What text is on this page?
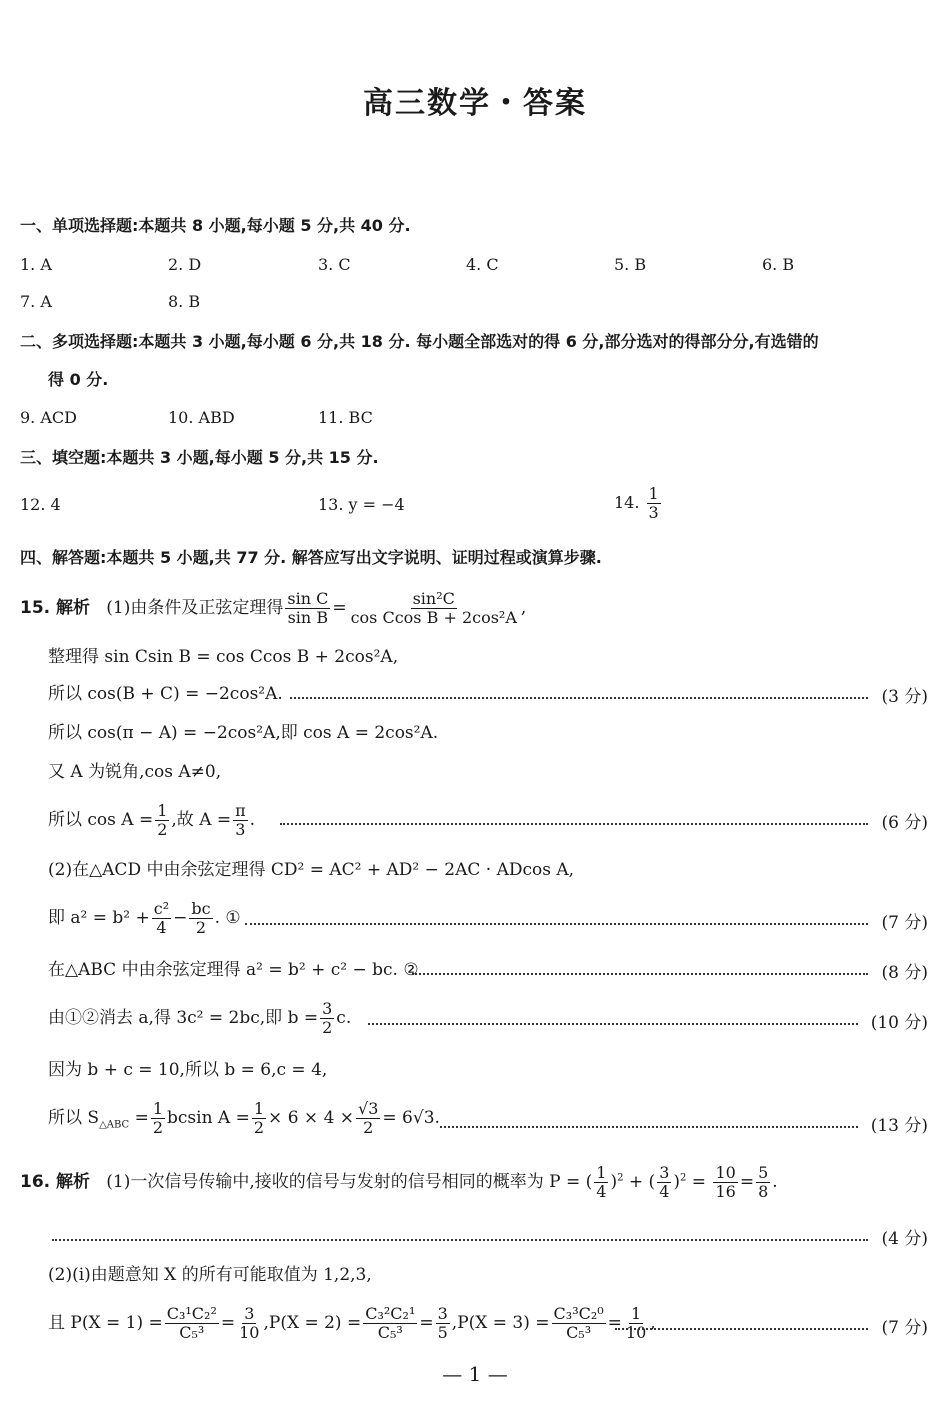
高三数学・答案
一、单项选择题:本题共 8 小题,每小题 5 分,共 40 分.
1. A	2. D	3. C	4. C	5. B	6. B
7. A	8. B
二、多项选择题:本题共 3 小题,每小题 6 分,共 18 分. 每小题全部选对的得 6 分,部分选对的得部分分,有选错的
得 0 分.
9. ACD	10. ABD	11. BC
三、填空题:本题共 3 小题,每小题 5 分,共 15 分.
12. 4	13. y = −4	14. $\frac{1}{3}$
四、解答题:本题共 5 小题,共 77 分. 解答应写出文字说明、证明过程或演算步骤.
15. 解析 (1)由条件及正弦定理得 $\frac{\text{sin C}}{\text{sin B}} = \frac{\text{sin²C}}{\text{cos Ccos B + 2cos²A}}$ ,
整理得 sin Csin B = cos Ccos B + 2cos²A,
所以 cos(B + C) = −2cos²A.	(3 分)
所以 cos(π − A) = −2cos²A,即 cos A = 2cos²A.
又 A 为锐角,cos A≠0,
所以 $\cos A = \frac{1}{2}$ ,故 $A = \frac{\pi}{3}$ .	(6 分)
(2)在△ACD 中由余弦定理得 CD² = AC² + AD² − 2AC · ADcos A,
即 $a^2 = b^2 + \frac{\text{c²}}{4} - \frac{bc}{2}$ . ①	(7 分)
在△ABC 中由余弦定理得 a² = b² + c² − bc. ②	(8 分)
由①②消去 a,得 3c² = 2bc,即 $b = \frac{3}{2} c$.	(10 分)
因为 b + c = 10,所以 b = 6,c = 4,
所以 $S_{\triangle ABC} = \frac{1}{2}$ bcsin $A = \frac{1}{2} \times 6 \times 4 \times \frac{√3}{2} = 6√3$.	(13 分)
16. 解析 (1)一次信号传输中,接收的信号与发射的信号相同的概率为 P = ( $\frac{1}{4} )^2$ + ( $\frac{3}{4} )^2 = \frac{10}{16} = \frac{5}{8}$ .
(4 分)
(2)(ⅰ)由题意知 X 的所有可能取值为 1,2,3,
且 $P(X = 1) = \frac{\text{C₃¹C₂²}}{\text{C₅³}} = \frac{3}{10} ,P(X = 2) = \frac{\text{C₃²C₂¹}}{\text{C₅³}} = \frac{3}{5} ,P(X = 3) = \frac{\text{C₃³C₂⁰}}{\text{C₅³}} = \frac{1}{10}$ ,	(7 分)
— 1 —
